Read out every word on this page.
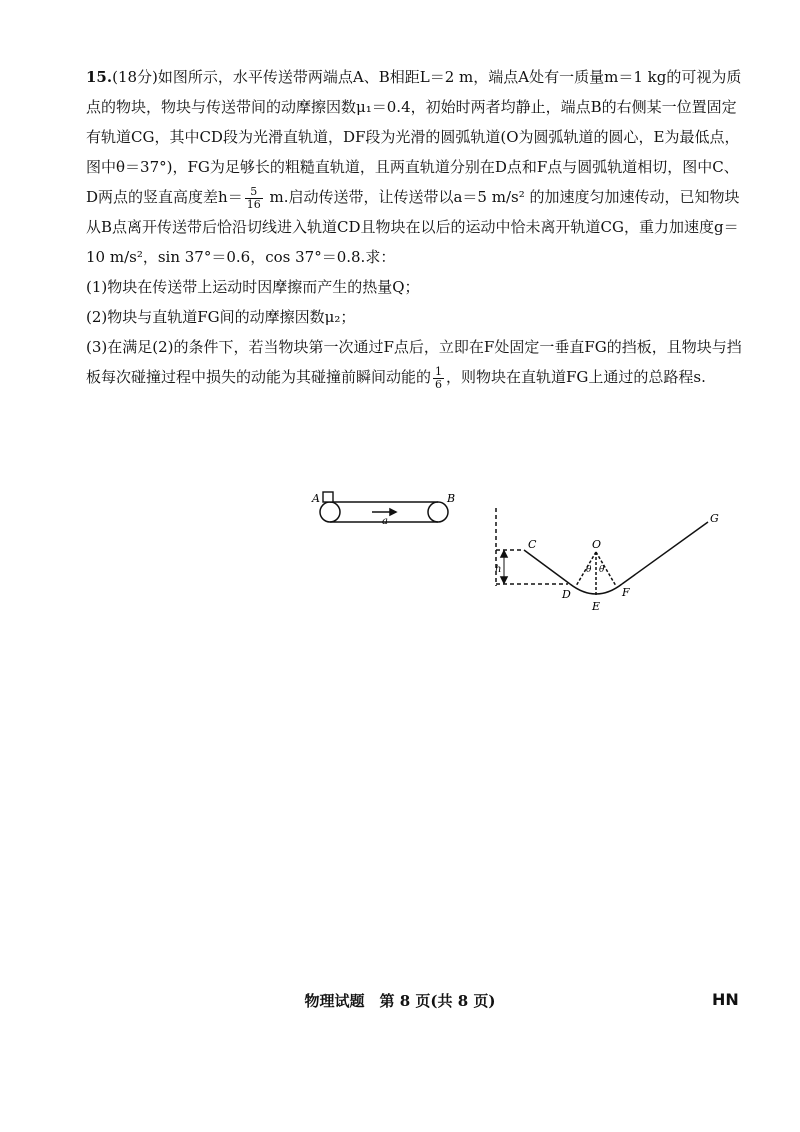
15.(18分)如图所示，水平传送带两端点A、B相距L＝2 m，端点A处有一质量m＝1 kg的可视为质点的物块，物块与传送带间的动摩擦因数μ₁＝0.4，初始时两者均静止，端点B的右侧某一位置固定有轨道CG，其中CD段为光滑直轨道，DF段为光滑的圆弧轨道(O为圆弧轨道的圆心，E为最低点，图中θ＝37°)，FG为足够长的粗糙直轨道，且两直轨道分别在D点和F点与圆弧轨道相切，图中C、D两点的竖直高度差$h= \frac{5}{16} m$.启动传送带，让传送带以a＝5 m/s² 的加速度匀加速传动，已知物块从B点离开传送带后恰沿切线进入轨道CD且物块在以后的运动中恰未离开轨道CG，重力加速度g＝10 m/s²，sin 37°＝0.6，cos 37°＝0.8.求：

(1)物块在传送带上运动时因摩擦而产生的热量Q；

(2)物块与直轨道FG间的动摩擦因数μ₂；

(3)在满足(2)的条件下，若当物块第一次通过F点后，立即在F处固定一垂直FG的挡板，且物块与挡板每次碰撞过程中损失的动能为其碰撞前瞬间动能的 $\frac{1}{6}$ ，则物块在直轨道FG上通过的总路程s.

A	B
a
h
C
D
E
F
G
O
θ θ
物理试题　第 8 页(共 8 页)	HN
